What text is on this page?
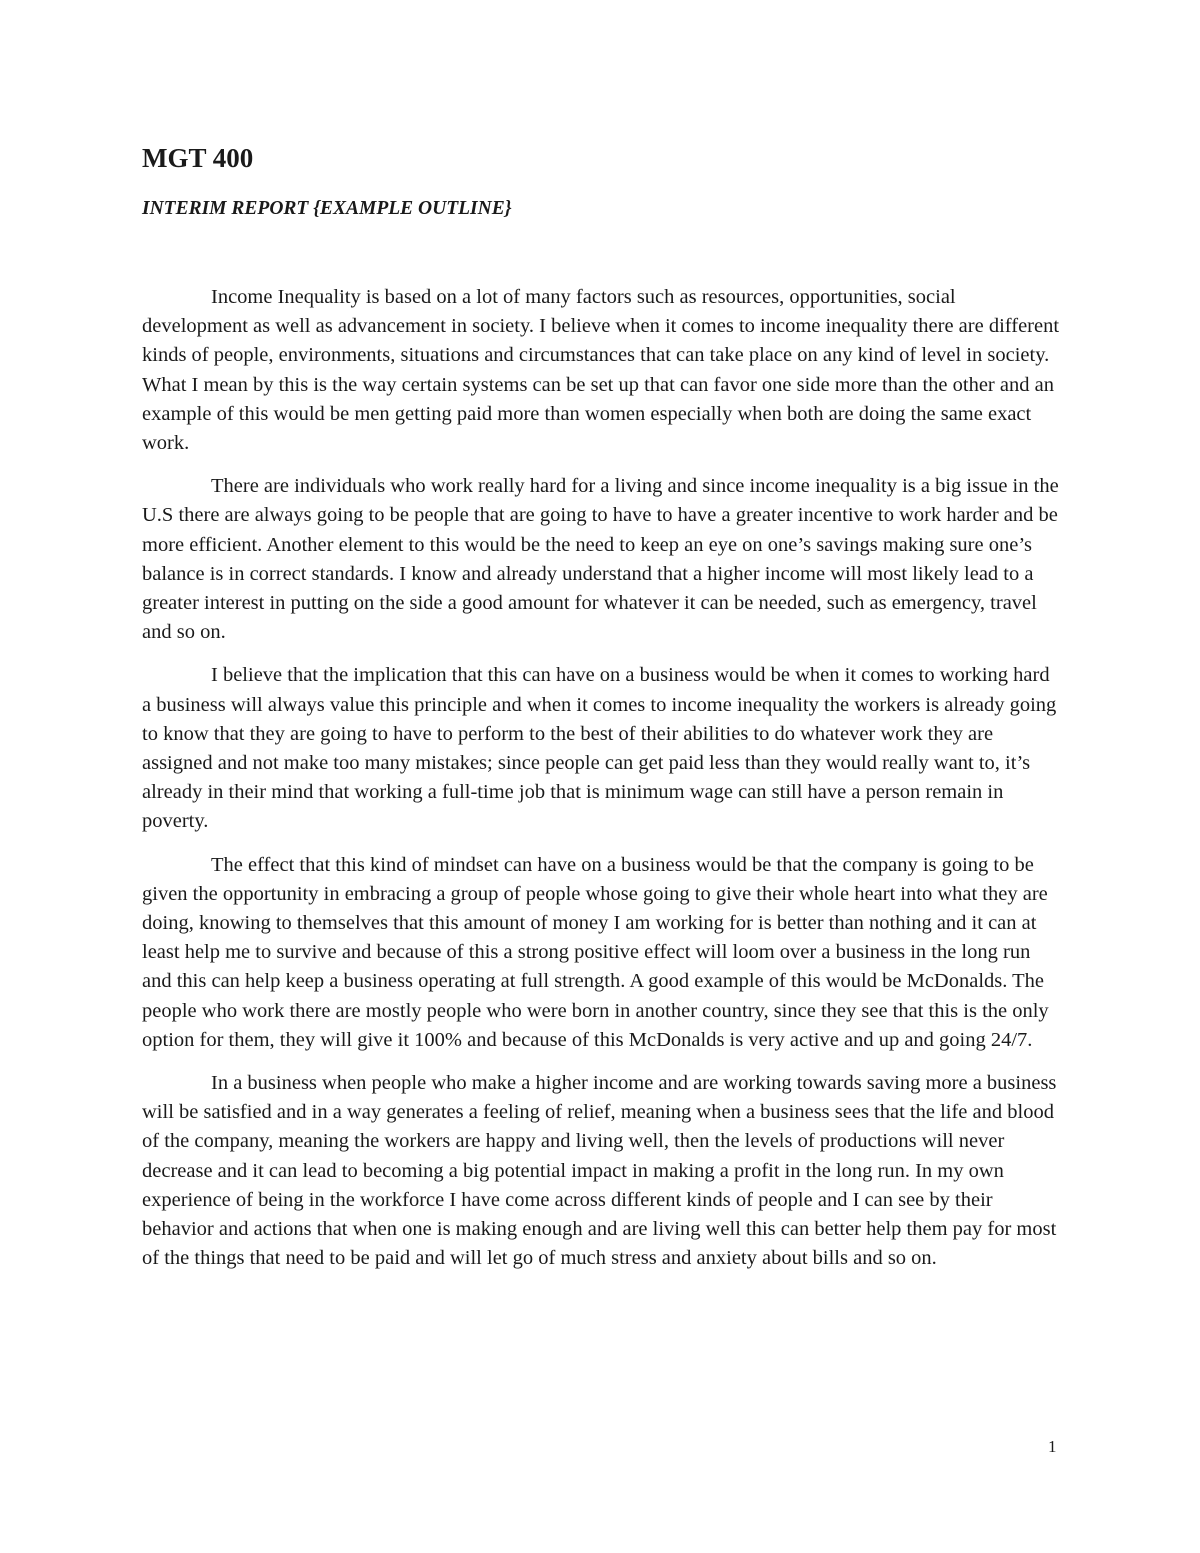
MGT 400
INTERIM REPORT {EXAMPLE OUTLINE}

Income Inequality is based on a lot of many factors such as resources, opportunities, social development as well as advancement in society. I believe when it comes to income inequality there are different kinds of people, environments, situations and circumstances that can take place on any kind of level in society. What I mean by this is the way certain systems can be set up that can favor one side more than the other and an example of this would be men getting paid more than women especially when both are doing the same exact work.

There are individuals who work really hard for a living and since income inequality is a big issue in the U.S there are always going to be people that are going to have to have a greater incentive to work harder and be more efficient. Another element to this would be the need to keep an eye on one’s savings making sure one’s balance is in correct standards. I know and already understand that a higher income will most likely lead to a greater interest in putting on the side a good amount for whatever it can be needed, such as emergency, travel and so on.

I believe that the implication that this can have on a business would be when it comes to working hard a business will always value this principle and when it comes to income inequality the workers is already going to know that they are going to have to perform to the best of their abilities to do whatever work they are assigned and not make too many mistakes; since people can get paid less than they would really want to, it’s already in their mind that working a full-time job that is minimum wage can still have a person remain in poverty.

The effect that this kind of mindset can have on a business would be that the company is going to be given the opportunity in embracing a group of people whose going to give their whole heart into what they are doing, knowing to themselves that this amount of money I am working for is better than nothing and it can at least help me to survive and because of this a strong positive effect will loom over a business in the long run and this can help keep a business operating at full strength. A good example of this would be McDonalds. The people who work there are mostly people who were born in another country, since they see that this is the only option for them, they will give it 100% and because of this McDonalds is very active and up and going 24/7.

In a business when people who make a higher income and are working towards saving more a business will be satisfied and in a way generates a feeling of relief, meaning when a business sees that the life and blood of the company, meaning the workers are happy and living well, then the levels of productions will never decrease and it can lead to becoming a big potential impact in making a profit in the long run. In my own experience of being in the workforce I have come across different kinds of people and I can see by their behavior and actions that when one is making enough and are living well this can better help them pay for most of the things that need to be paid and will let go of much stress and anxiety about bills and so on.

1
